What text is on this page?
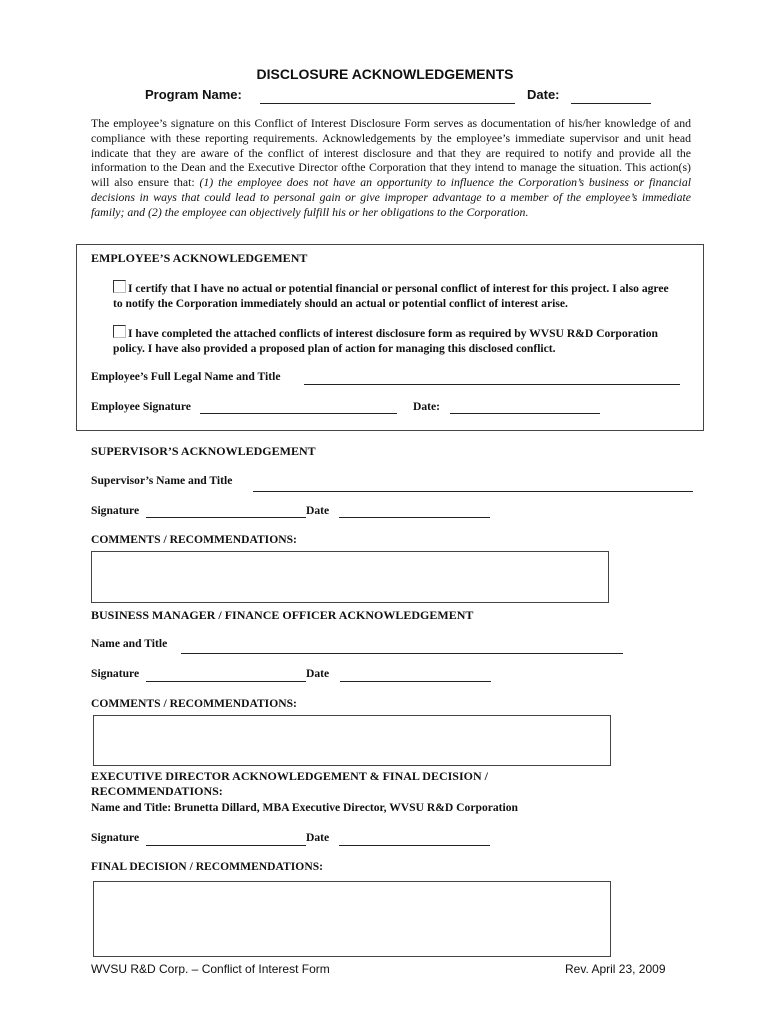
DISCLOSURE ACKNOWLEDGEMENTS
Program Name:	Date:
The employee’s signature on this Conflict of Interest Disclosure Form serves as documentation of his/her knowledge of and compliance with these reporting requirements. Acknowledgements by the employee’s immediate supervisor and unit head indicate that they are aware of the conflict of interest disclosure and that they are required to notify and provide all the information to the Dean and the Executive Director ofthe Corporation that they intend to manage the situation. This action(s) will also ensure that: (1) the employee does not have an opportunity to influence the Corporation’s business or financial decisions in ways that could lead to personal gain or give improper advantage to a member of the employee’s immediate family; and (2) the employee can objectively fulfill his or her obligations to the Corporation.
EMPLOYEE’S ACKNOWLEDGEMENT
I certify that I have no actual or potential financial or personal conflict of interest for this project. I also agree to notify the Corporation immediately should an actual or potential conflict of interest arise.
I have completed the attached conflicts of interest disclosure form as required by WVSU R&D Corporation policy. I have also provided a proposed plan of action for managing this disclosed conflict.
Employee’s Full Legal Name and Title
Employee Signature	Date:
SUPERVISOR’S ACKNOWLEDGEMENT
Supervisor’s Name and Title
Signature	Date
COMMENTS / RECOMMENDATIONS:
BUSINESS MANAGER / FINANCE OFFICER ACKNOWLEDGEMENT
Name and Title
Signature	Date
COMMENTS / RECOMMENDATIONS:
EXECUTIVE DIRECTOR ACKNOWLEDGEMENT & FINAL DECISION / RECOMMENDATIONS:
Name and Title: Brunetta Dillard, MBA Executive Director, WVSU R&D Corporation
Signature	Date
FINAL DECISION / RECOMMENDATIONS:
WVSU R&D Corp. – Conflict of Interest Form	Rev. April 23, 2009
